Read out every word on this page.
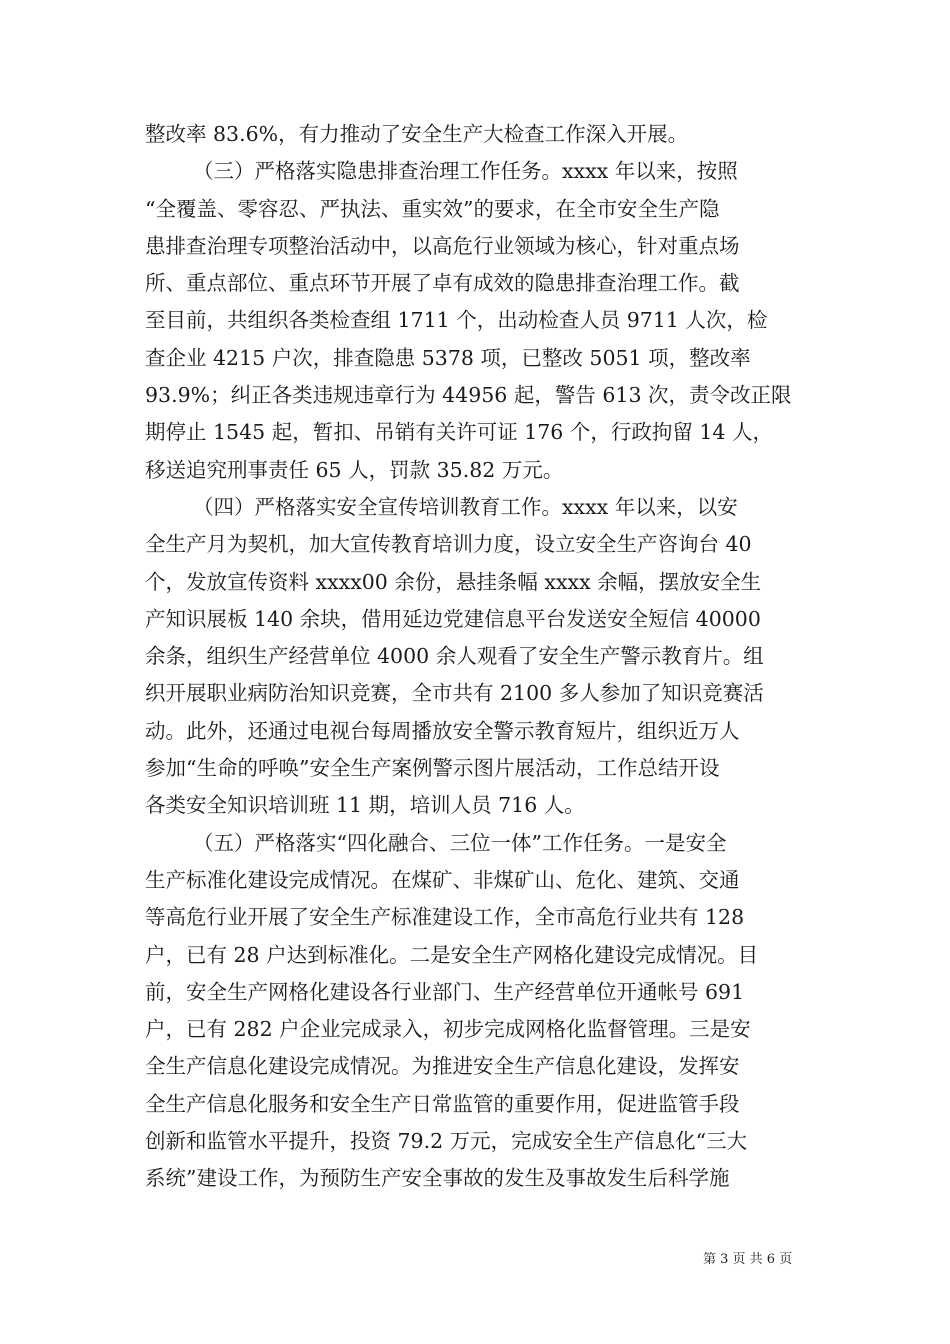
整改率 83.6%，有力推动了安全生产大检查工作深入开展。
（三）严格落实隐患排查治理工作任务。xxxx 年以来，按照
“全覆盖、零容忍、严执法、重实效”的要求，在全市安全生产隐
患排查治理专项整治活动中，以高危行业领域为核心，针对重点场
所、重点部位、重点环节开展了卓有成效的隐患排查治理工作。截
至目前，共组织各类检查组 1711 个，出动检查人员 9711 人次，检
查企业 4215 户次，排查隐患 5378 项，已整改 5051 项，整改率
93.9%；纠正各类违规违章行为 44956 起，警告 613 次，责令改正限
期停止 1545 起，暂扣、吊销有关许可证 176 个，行政拘留 14 人，
移送追究刑事责任 65 人，罚款 35.82 万元。
（四）严格落实安全宣传培训教育工作。xxxx 年以来，以安
全生产月为契机，加大宣传教育培训力度，设立安全生产咨询台 40
个，发放宣传资料 xxxx00 余份，悬挂条幅 xxxx 余幅，摆放安全生
产知识展板 140 余块，借用延边党建信息平台发送安全短信 40000
余条，组织生产经营单位 4000 余人观看了安全生产警示教育片。组
织开展职业病防治知识竞赛，全市共有 2100 多人参加了知识竞赛活
动。此外，还通过电视台每周播放安全警示教育短片，组织近万人
参加“生命的呼唤”安全生产案例警示图片展活动，工作总结开设
各类安全知识培训班 11 期，培训人员 716 人。
（五）严格落实“四化融合、三位一体”工作任务。一是安全
生产标准化建设完成情况。在煤矿、非煤矿山、危化、建筑、交通
等高危行业开展了安全生产标准建设工作，全市高危行业共有 128
户，已有 28 户达到标准化。二是安全生产网格化建设完成情况。目
前，安全生产网格化建设各行业部门、生产经营单位开通帐号 691
户，已有 282 户企业完成录入，初步完成网格化监督管理。三是安
全生产信息化建设完成情况。为推进安全生产信息化建设，发挥安
全生产信息化服务和安全生产日常监管的重要作用，促进监管手段
创新和监管水平提升，投资 79.2 万元，完成安全生产信息化“三大
系统”建设工作，为预防生产安全事故的发生及事故发生后科学施
第 3 页 共 6 页
